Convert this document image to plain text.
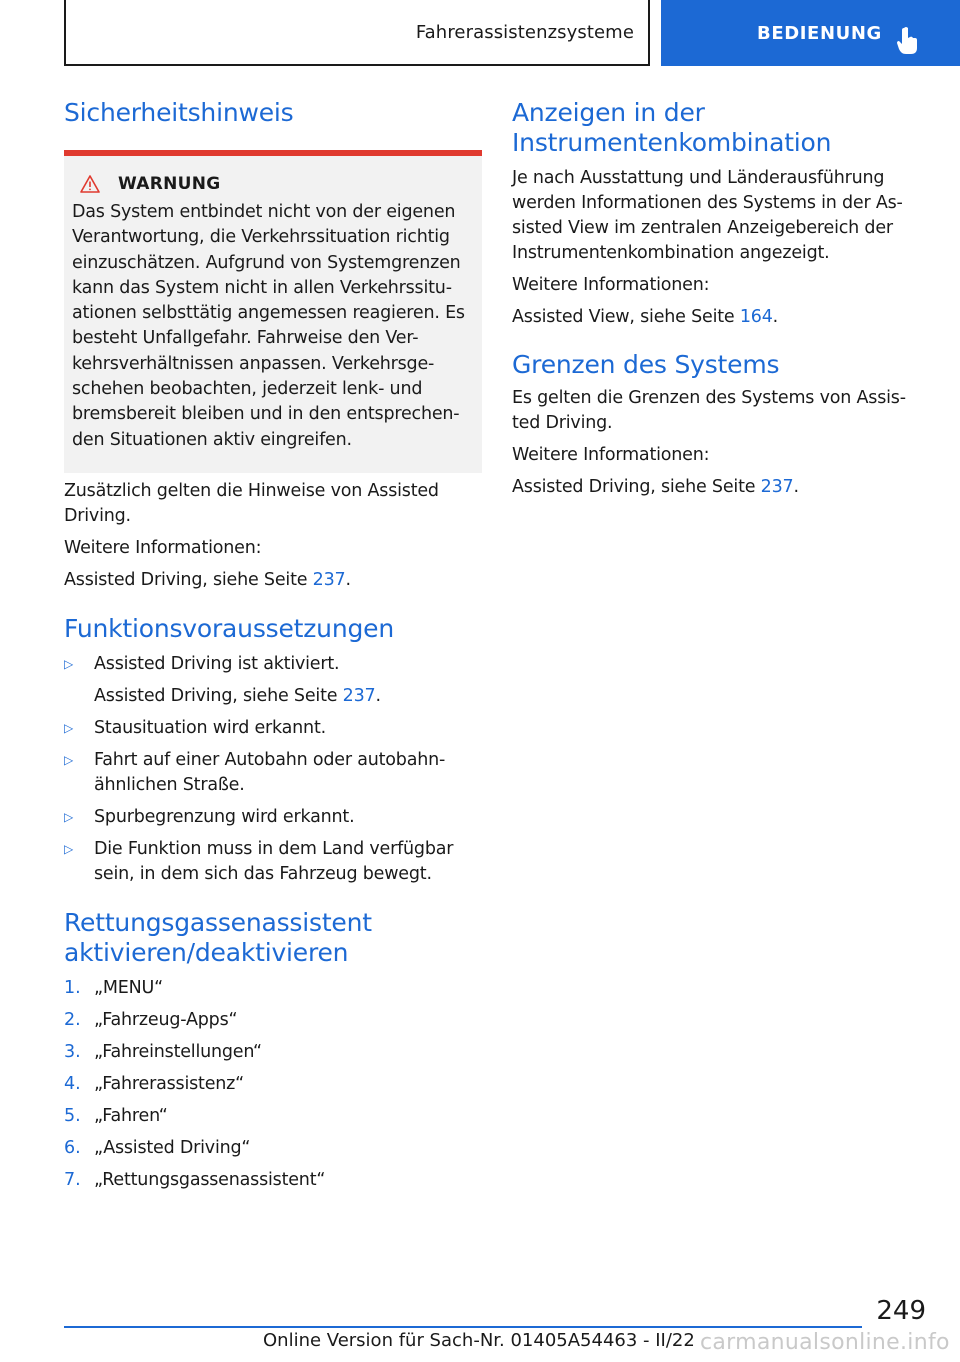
Fahrerassistenzsysteme	BEDIENUNG
Sicherheitshinweis
WARNUNG

Das System entbindet nicht von der eigenen Verantwortung, die Verkehrssituation richtig einzuschätzen. Aufgrund von Systemgrenzen kann das System nicht in allen Verkehrssitu-ationen selbsttätig angemessen reagieren. Es besteht Unfallgefahr. Fahrweise den Ver-kehrsverhältnissen anpassen. Verkehrsge-schehen beobachten, jederzeit lenk- und bremsbereit bleiben und in den entsprechen-den Situationen aktiv eingreifen.

Zusätzlich gelten die Hinweise von Assisted Driving.

Weitere Informationen:

Assisted Driving, siehe Seite 237.

Funktionsvoraussetzungen
▷	Assisted Driving ist aktiviert.

Assisted Driving, siehe Seite 237.

▷	Stausituation wird erkannt.

▷	Fahrt auf einer Autobahn oder autobahn-ähnlichen Straße.

▷	Spurbegrenzung wird erkannt.

▷	Die Funktion muss in dem Land verfügbar sein, in dem sich das Fahrzeug bewegt.

Rettungsgassenassistent
aktivieren/deaktivieren
1. „MENU“

2. „Fahrzeug-Apps“

3. „Fahreinstellungen“

4. „Fahrerassistenz“

5. „Fahren“

6. „Assisted Driving“

7. „Rettungsgassenassistent“

Anzeigen in der
Instrumentenkombination

Je nach Ausstattung und Länderausführung werden Informationen des Systems in der As-sisted View im zentralen Anzeigebereich der Instrumentenkombination angezeigt.

Weitere Informationen:

Assisted View, siehe Seite 164.

Grenzen des Systems

Es gelten die Grenzen des Systems von Assis-ted Driving.

Weitere Informationen:

Assisted Driving, siehe Seite 237.

249
Online Version für Sach-Nr. 01405A54463 - II/22 carmanualsonline.info
